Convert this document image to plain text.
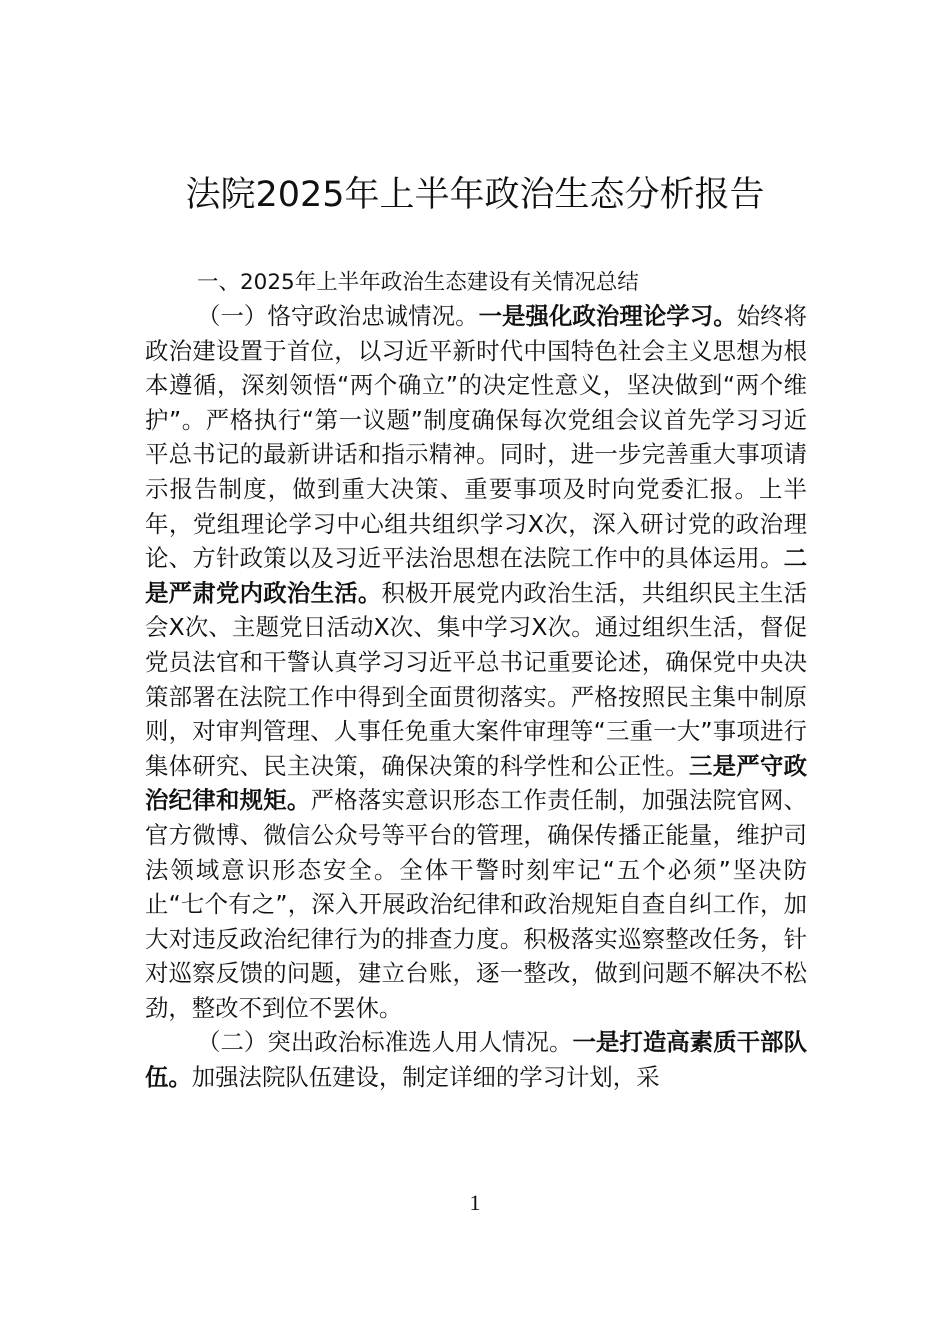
法院2025年上半年政治生态分析报告

一、2025年上半年政治生态建设有关情况总结

（一）恪守政治忠诚情况。一是强化政治理论学习。始终将政治建设置于首位，以习近平新时代中国特色社会主义思想为根本遵循，深刻领悟“两个确立”的决定性意义，坚决做到“两个维护”。严格执行“第一议题”制度确保每次党组会议首先学习习近平总书记的最新讲话和指示精神。同时，进一步完善重大事项请示报告制度，做到重大决策、重要事项及时向党委汇报。上半年，党组理论学习中心组共组织学习X次，深入研讨党的政治理论、方针政策以及习近平法治思想在法院工作中的具体运用。二是严肃党内政治生活。积极开展党内政治生活，共组织民主生活会X次、主题党日活动X次、集中学习X次。通过组织生活，督促党员法官和干警认真学习习近平总书记重要论述，确保党中央决策部署在法院工作中得到全面贯彻落实。严格按照民主集中制原则，对审判管理、人事任免重大案件审理等“三重一大”事项进行集体研究、民主决策，确保决策的科学性和公正性。三是严守政治纪律和规矩。严格落实意识形态工作责任制，加强法院官网、官方微博、微信公众号等平台的管理，确保传播正能量，维护司法领域意识形态安全。全体干警时刻牢记“五个必须”坚决防止“七个有之”，深入开展政治纪律和政治规矩自查自纠工作，加大对违反政治纪律行为的排查力度。积极落实巡察整改任务，针对巡察反馈的问题，建立台账，逐一整改，做到问题不解决不松劲，整改不到位不罢休。

（二）突出政治标准选人用人情况。一是打造高素质干部队伍。加强法院队伍建设，制定详细的学习计划，采

1
